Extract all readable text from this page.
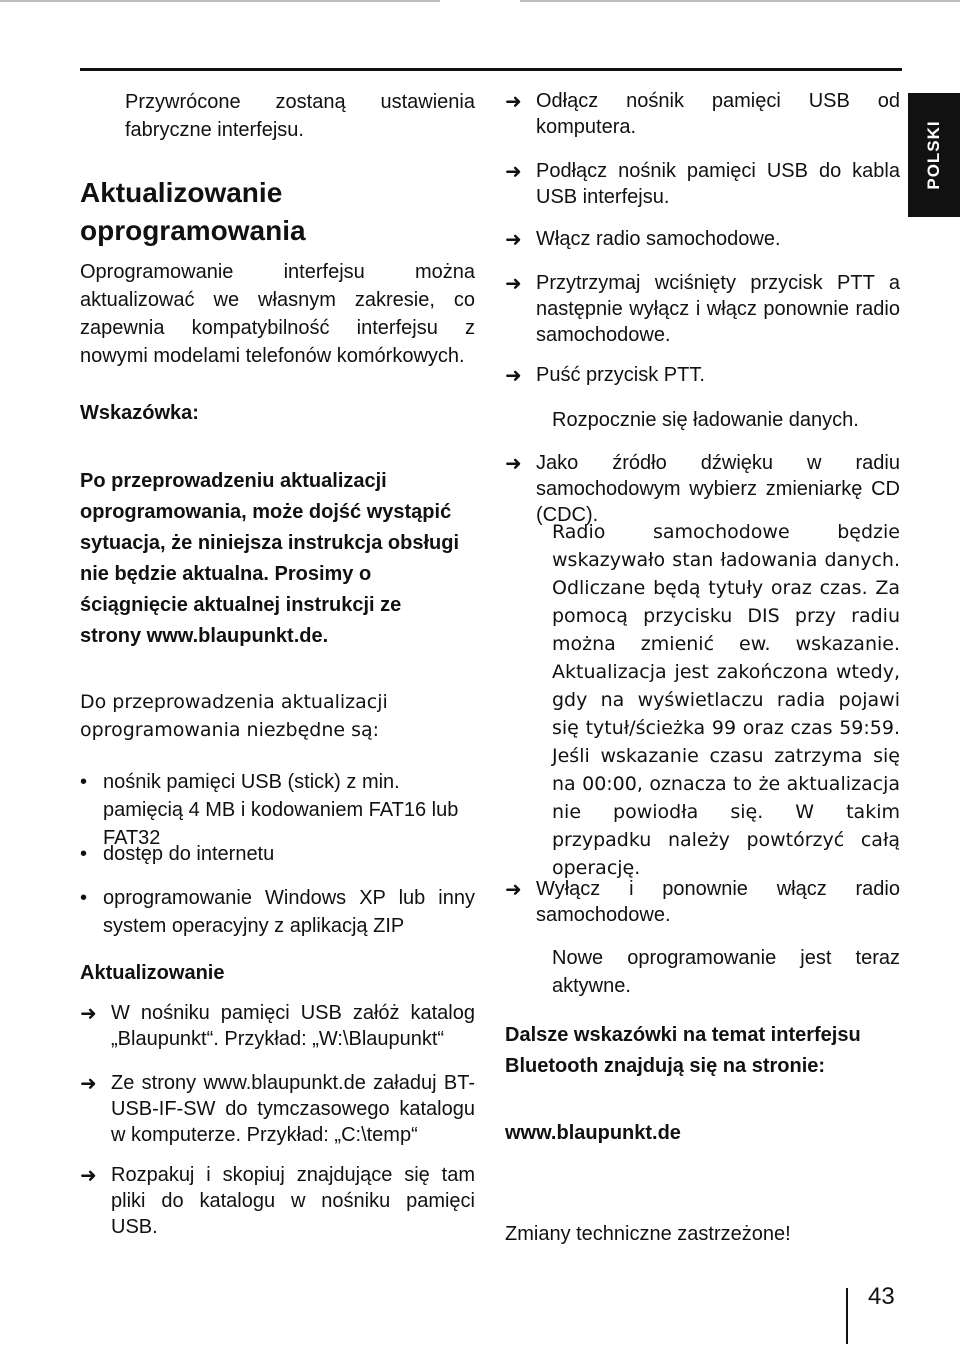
POLSKI

Przywrócone zostaną ustawienia fabryczne interfejsu.

Aktualizowanie oprogramowania

Oprogramowanie interfejsu można aktualizować we własnym zakresie, co zapewnia kompatybilność interfejsu z nowymi modelami telefonów komórkowych.

Wskazówka:

Po przeprowadzeniu aktualizacji oprogramowania, może dojść wystąpić sytuacja, że niniejsza instrukcja obsługi nie będzie aktualna. Prosimy o ściągnięcie aktualnej instrukcji ze strony www.blaupunkt.de.

Do przeprowadzenia aktualizacji oprogramowania niezbędne są:

• nośnik pamięci USB (stick) z min. pamięcią 4 MB i kodowaniem FAT16 lub FAT32
• dostęp do internetu
• oprogramowanie Windows XP lub inny system operacyjny z aplikacją ZIP

Aktualizowanie

➜ W nośniku pamięci USB załóż katalog „Blaupunkt“. Przykład: „W:\Blaupunkt“
➜ Ze strony www.blaupunkt.de załaduj BT-USB-IF-SW do tymczasowego katalogu w komputerze. Przykład: „C:\temp“
➜ Rozpakuj i skopiuj znajdujące się tam pliki do katalogu w nośniku pamięci USB.
➜ Odłącz nośnik pamięci USB od komputera.
➜ Podłącz nośnik pamięci USB do kabla USB interfejsu.
➜ Włącz radio samochodowe.
➜ Przytrzymaj wciśnięty przycisk PTT a następnie wyłącz i włącz ponownie radio samochodowe.
➜ Puść przycisk PTT.

Rozpocznie się ładowanie danych.

➜ Jako źródło dźwięku w radiu samochodowym wybierz zmieniarkę CD (CDC).

Radio samochodowe będzie wskazywało stan ładowania danych. Odliczane będą tytuły oraz czas. Za pomocą przycisku DIS przy radiu można zmienić ew. wskazanie. Aktualizacja jest zakończona wtedy, gdy na wyświetlaczu radia pojawi się tytuł/ścieżka 99 oraz czas 59:59. Jeśli wskazanie czasu zatrzyma się na 00:00, oznacza to że aktualizacja nie powiodła się. W takim przypadku należy powtórzyć całą operację.

➜ Wyłącz i ponownie włącz radio samochodowe.

Nowe oprogramowanie jest teraz aktywne.

Dalsze wskazówki na temat interfejsu Bluetooth znajdują się na stronie:

www.blaupunkt.de

Zmiany techniczne zastrzeżone!

43
